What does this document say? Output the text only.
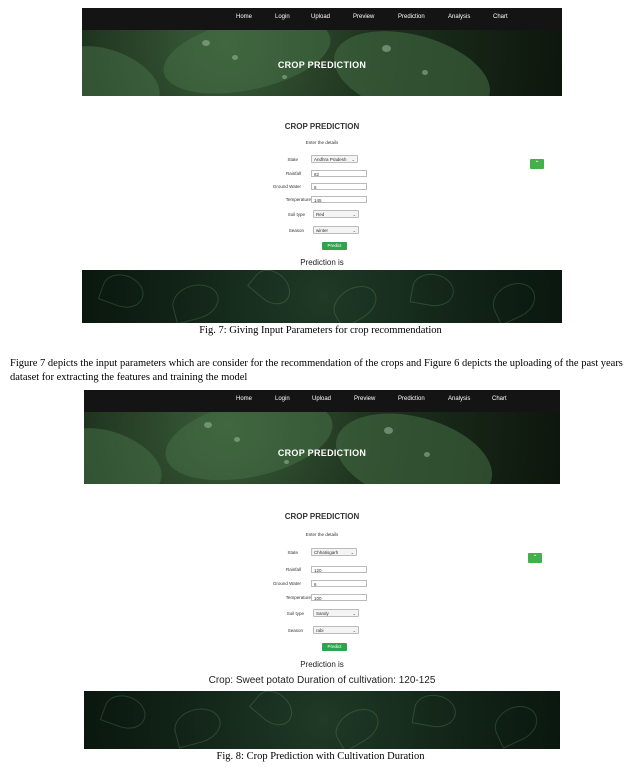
Home	Login	Upload	Preview	Prediction	Analysis	Chart
CROP PREDICTION
CROP PREDICTION
Enter the details
State	Andhra Pradesh ⌄
Rainfall	82
Ground Water	8
Temperature 145
Soil type	Red	⌄
Season	winter	⌄
Predict
⌃
Prediction is
Fig. 7: Giving Input Parameters for crop recommendation
Figure 7 depicts the input parameters which are consider for the recommendation of the crops and Figure 6 depicts the uploading of the past years dataset for extracting the features and training the model
Home	Login	Upload	Preview	Prediction	Analysis	Chart
CROP PREDICTION
CROP PREDICTION
Enter the details
State	Chhatisgarh	⌄
Rainfall	120
Ground Water	6
Temperature 100
Soil type	Sandy	⌄
Season	rabi	⌄
Predict
⌃
Prediction is
Crop: Sweet potato Duration of cultivation: 120-125
Fig. 8: Crop Prediction with Cultivation Duration
